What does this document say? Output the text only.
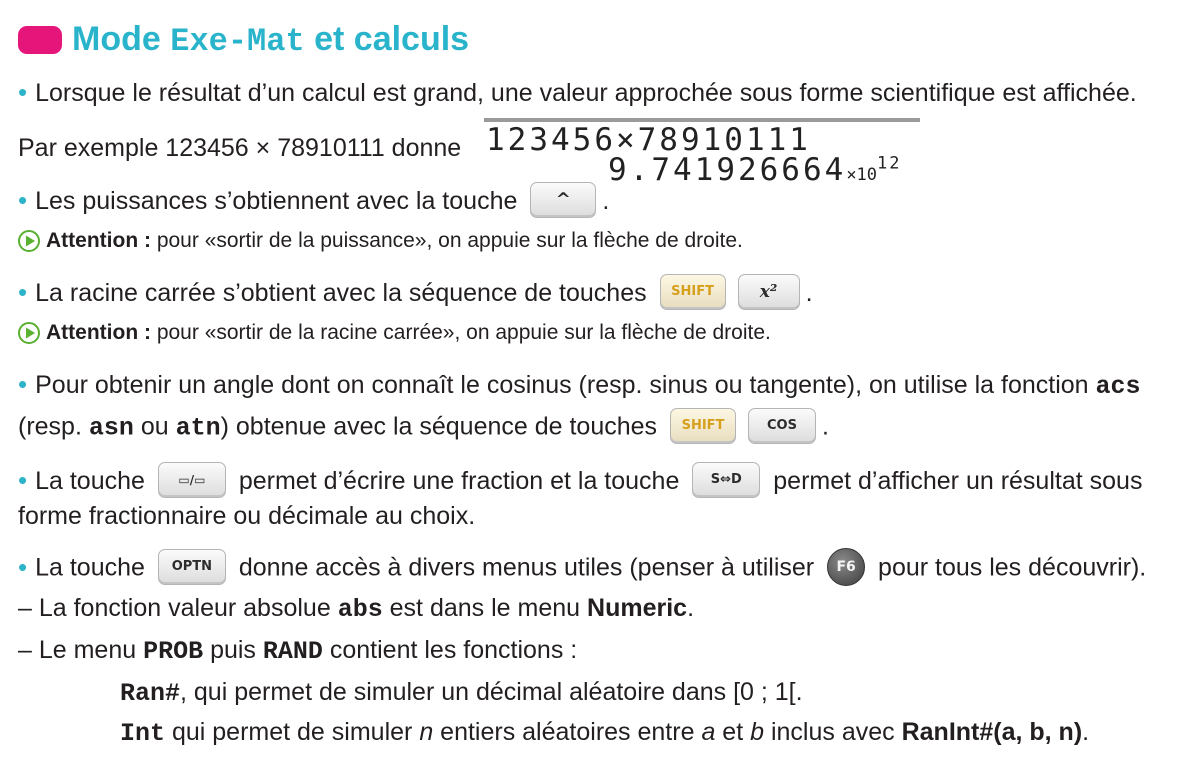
Mode Exe-Mat et calculs
• Lorsque le résultat d’un calcul est grand, une valeur approchée sous forme scientifique est affichée.
Par exemple 123456 × 78910111 donne 123456×78910111
$9.741926664\times 10^{12}$
• Les puissances s’obtiennent avec la touche ^ .
Attention :
pour «sortir de la puissance», on appuie sur la flèche de droite.
• La racine carrée s’obtient avec la séquence de touches SHIFT	x² .
Attention :
pour «sortir de la racine carrée», on appuie sur la flèche de droite.
• Pour obtenir un angle dont on connaît le cosinus (resp. sinus ou tangente), on utilise la fonction acs
(resp. asn ou atn) obtenue avec la séquence de touches SHIFT	COS .
• La touche	▭/▭ permet d’écrire une fraction et la touche S⇔D permet d’afficher un résultat sous
forme fractionnaire ou décimale au choix.
• La touche OPTN donne accès à divers menus utiles (penser à utiliser F6 pour tous les découvrir).
– La fonction valeur absolue abs est dans le menu Numeric.
– Le menu PROB puis RAND contient les fonctions :
Ran#, qui permet de simuler un décimal aléatoire dans [0 ; 1[.
Int qui permet de simuler n entiers aléatoires entre a et b inclus avec RanInt#(a, b, n).
